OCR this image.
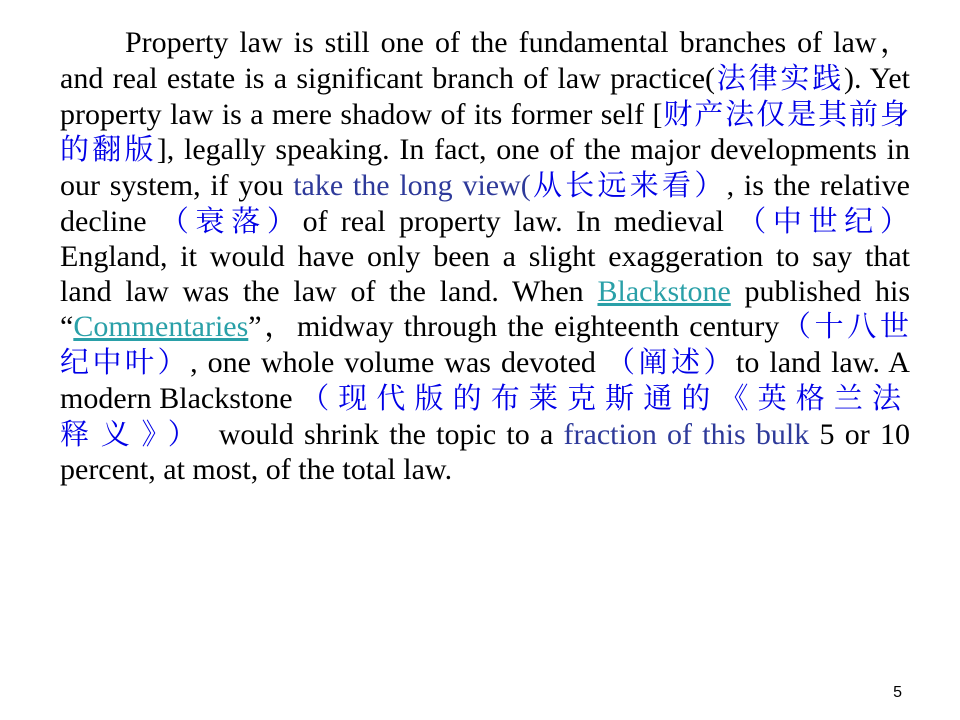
Property law is still one of the fundamental branches of law，and real estate is a significant branch of law practice(法律实践). Yet property law is a mere shadow of its former self [财产法仅是其前身的翻版], legally speaking. In fact, one of the major developments in our system, if you take the long view(从长远来看）, is the relative decline （衰落）of real property law. In medieval （中世纪）England, it would have only been a slight exaggeration to say that land law was the law of the land. When Blackstone published his “Commentaries”，midway through the eighteenth century（十八世纪中叶）, one whole volume was devoted （阐述）to land law. A modern Blackstone （现代版的布莱克斯通的《英格兰法释义》） would shrink the topic to a fraction of this bulk 5 or 10 percent, at most, of the total law.

5
